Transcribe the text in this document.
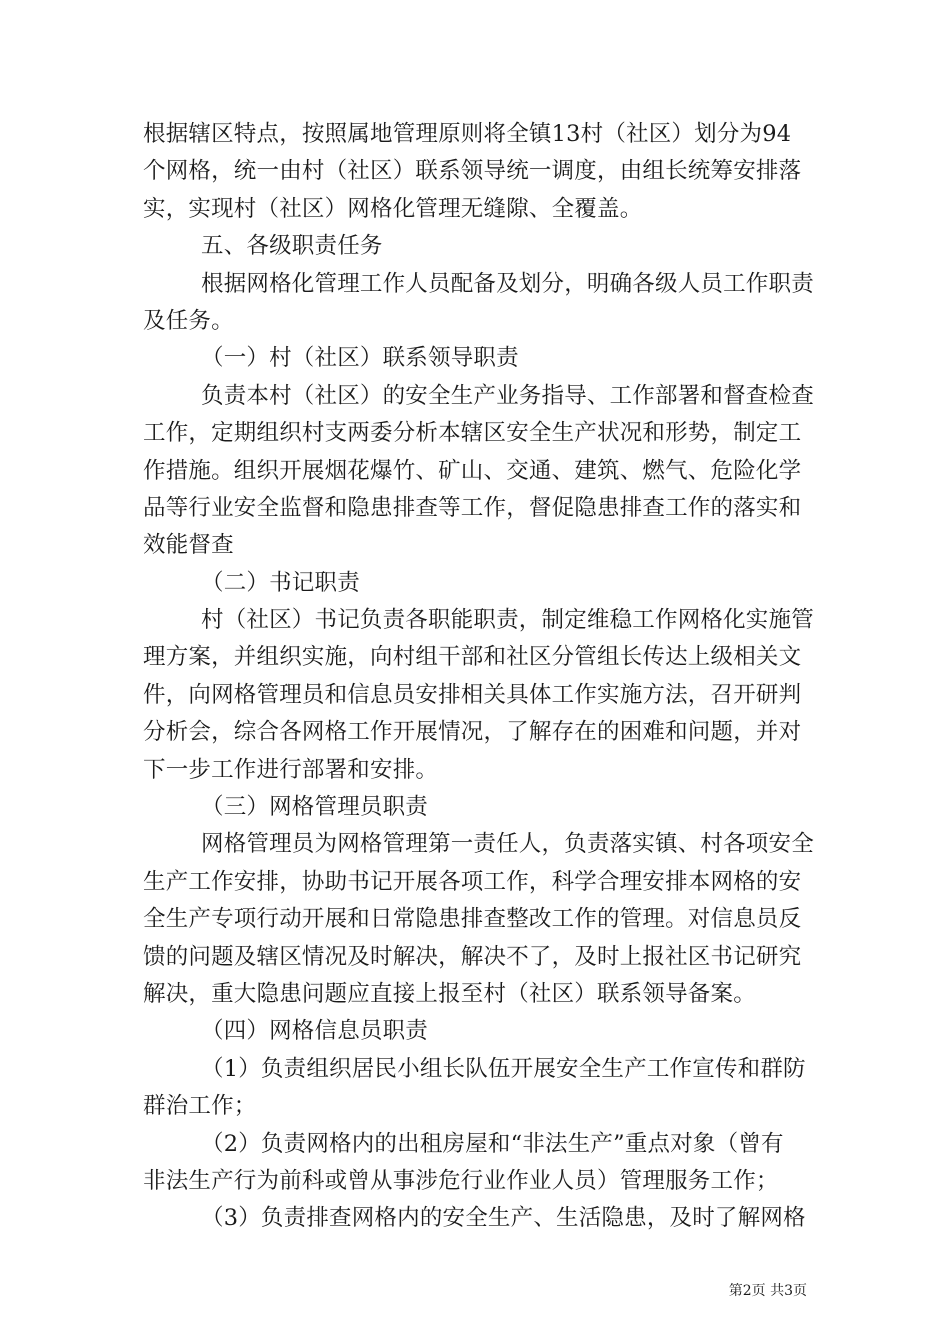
根据辖区特点，按照属地管理原则将全镇13村（社区）划分为94
个网格，统一由村（社区）联系领导统一调度，由组长统筹安排落
实，实现村（社区）网格化管理无缝隙、全覆盖。
五、各级职责任务
根据网格化管理工作人员配备及划分，明确各级人员工作职责
及任务。
（一）村（社区）联系领导职责
负责本村（社区）的安全生产业务指导、工作部署和督查检查
工作，定期组织村支两委分析本辖区安全生产状况和形势，制定工
作措施。组织开展烟花爆竹、矿山、交通、建筑、燃气、危险化学
品等行业安全监督和隐患排查等工作，督促隐患排查工作的落实和
效能督查
（二）书记职责
村（社区）书记负责各职能职责，制定维稳工作网格化实施管
理方案，并组织实施，向村组干部和社区分管组长传达上级相关文
件，向网格管理员和信息员安排相关具体工作实施方法，召开研判
分析会，综合各网格工作开展情况，了解存在的困难和问题，并对
下一步工作进行部署和安排。
（三）网格管理员职责
网格管理员为网格管理第一责任人，负责落实镇、村各项安全
生产工作安排，协助书记开展各项工作，科学合理安排本网格的安
全生产专项行动开展和日常隐患排查整改工作的管理。对信息员反
馈的问题及辖区情况及时解决，解决不了，及时上报社区书记研究
解决，重大隐患问题应直接上报至村（社区）联系领导备案。
（四）网格信息员职责
（1）负责组织居民小组长队伍开展安全生产工作宣传和群防
群治工作；
（2）负责网格内的出租房屋和“非法生产”重点对象（曾有
非法生产行为前科或曾从事涉危行业作业人员）管理服务工作；
（3）负责排查网格内的安全生产、生活隐患，及时了解网格
第2页 共3页
